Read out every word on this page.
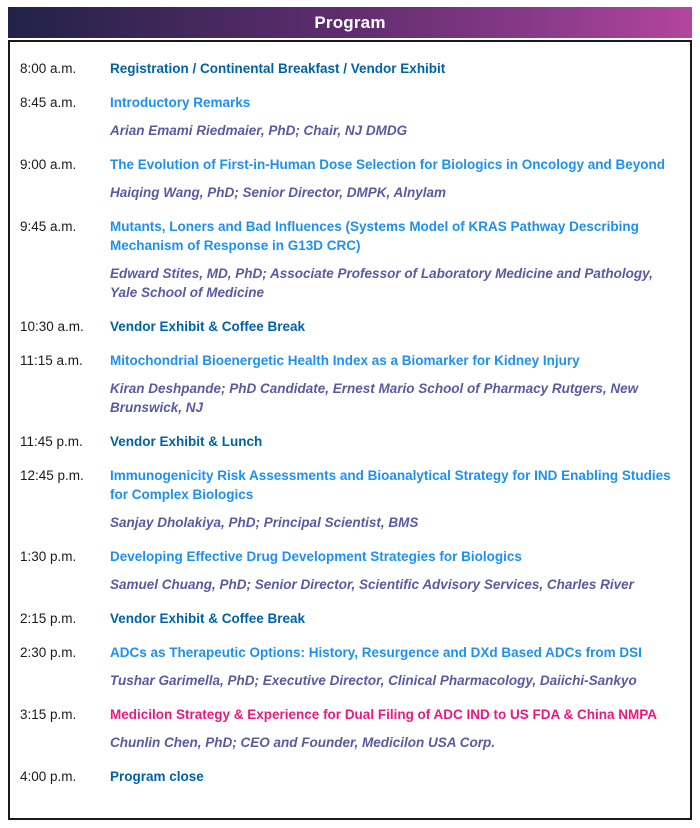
Program
8:00 a.m.	Registration / Continental Breakfast / Vendor Exhibit
8:45 a.m.	Introductory Remarks
Arian Emami Riedmaier, PhD; Chair, NJ DMDG
9:00 a.m.	The Evolution of First-in-Human Dose Selection for Biologics in Oncology and Beyond
Haiqing Wang, PhD; Senior Director, DMPK, Alnylam
9:45 a.m.	Mutants, Loners and Bad Influences (Systems Model of KRAS Pathway Describing Mechanism of Response in G13D CRC)
Edward Stites, MD, PhD; Associate Professor of Laboratory Medicine and Pathology, Yale School of Medicine
10:30 a.m.	Vendor Exhibit & Coffee Break
11:15 a.m.	Mitochondrial Bioenergetic Health Index as a Biomarker for Kidney Injury
Kiran Deshpande; PhD Candidate, Ernest Mario School of Pharmacy Rutgers, New Brunswick, NJ
11:45 p.m.	Vendor Exhibit & Lunch
12:45 p.m.	Immunogenicity Risk Assessments and Bioanalytical Strategy for IND Enabling Studies for Complex Biologics
Sanjay Dholakiya, PhD; Principal Scientist, BMS
1:30 p.m.	Developing Effective Drug Development Strategies for Biologics
Samuel Chuang, PhD; Senior Director, Scientific Advisory Services, Charles River
2:15 p.m.	Vendor Exhibit & Coffee Break
2:30 p.m.	ADCs as Therapeutic Options: History, Resurgence and DXd Based ADCs from DSI
Tushar Garimella, PhD; Executive Director, Clinical Pharmacology, Daiichi-Sankyo
3:15 p.m.	Medicilon Strategy & Experience for Dual Filing of ADC IND to US FDA & China NMPA
Chunlin Chen, PhD; CEO and Founder, Medicilon USA Corp.
4:00 p.m.	Program close
